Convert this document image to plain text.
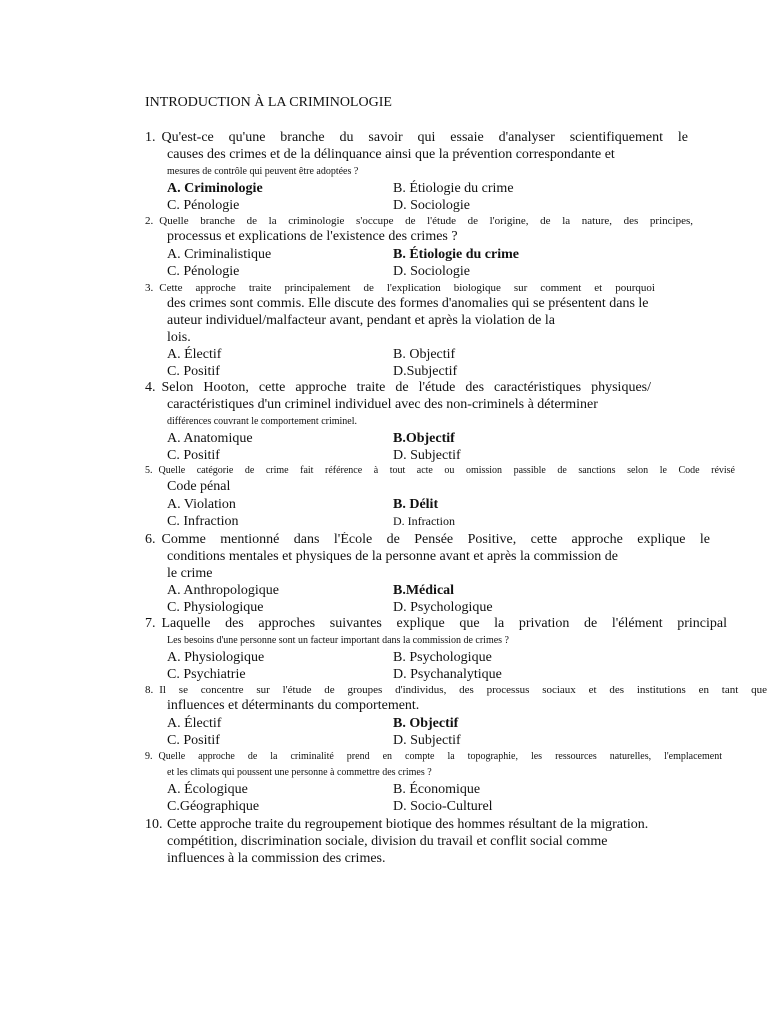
INTRODUCTION À LA CRIMINOLOGIE
1. Qu'est-ce qu'une branche du savoir qui essaie d'analyser scientifiquement le
causes des crimes et de la délinquance ainsi que la prévention correspondante et
mesures de contrôle qui peuvent être adoptées ?
A. Criminologie	B. Étiologie du crime
C. Pénologie	D. Sociologie
2. Quelle branche de la criminologie s'occupe de l'étude de l'origine, de la nature, des principes,
processus et explications de l'existence des crimes ?
A. Criminalistique	B. Étiologie du crime
C. Pénologie	D. Sociologie
3. Cette approche traite principalement de l'explication biologique sur comment et pourquoi
des crimes sont commis. Elle discute des formes d'anomalies qui se présentent dans le
auteur individuel/malfacteur avant, pendant et après la violation de la
lois.
A. Électif	B. Objectif
C. Positif	D.Subjectif
4. Selon Hooton, cette approche traite de l'étude des caractéristiques physiques/
caractéristiques d'un criminel individuel avec des non-criminels à déterminer
différences couvrant le comportement criminel.
A. Anatomique	B.Objectif
C. Positif	D. Subjectif
5. Quelle catégorie de crime fait référence à tout acte ou omission passible de sanctions selon le Code révisé
Code pénal
A. Violation	B. Délit
C. Infraction	D. Infraction
6. Comme mentionné dans l'École de Pensée Positive, cette approche explique le
conditions mentales et physiques de la personne avant et après la commission de
le crime
A. Anthropologique	B.Médical
C. Physiologique	D. Psychologique
7. Laquelle des approches suivantes explique que la privation de l'élément principal
Les besoins d'une personne sont un facteur important dans la commission de crimes ?
A. Physiologique	B. Psychologique
C. Psychiatrie	D. Psychanalytique
8. Il se concentre sur l'étude de groupes d'individus, des processus sociaux et des institutions en tant que
influences et déterminants du comportement.
A. Électif	B. Objectif
C. Positif	D. Subjectif
9. Quelle approche de la criminalité prend en compte la topographie, les ressources naturelles, l'emplacement
et les climats qui poussent une personne à commettre des crimes ?
A. Écologique	B. Économique
C.Géographique	D. Socio-Culturel
10. Cette approche traite du regroupement biotique des hommes résultant de la migration.
compétition, discrimination sociale, division du travail et conflit social comme
influences à la commission des crimes.
